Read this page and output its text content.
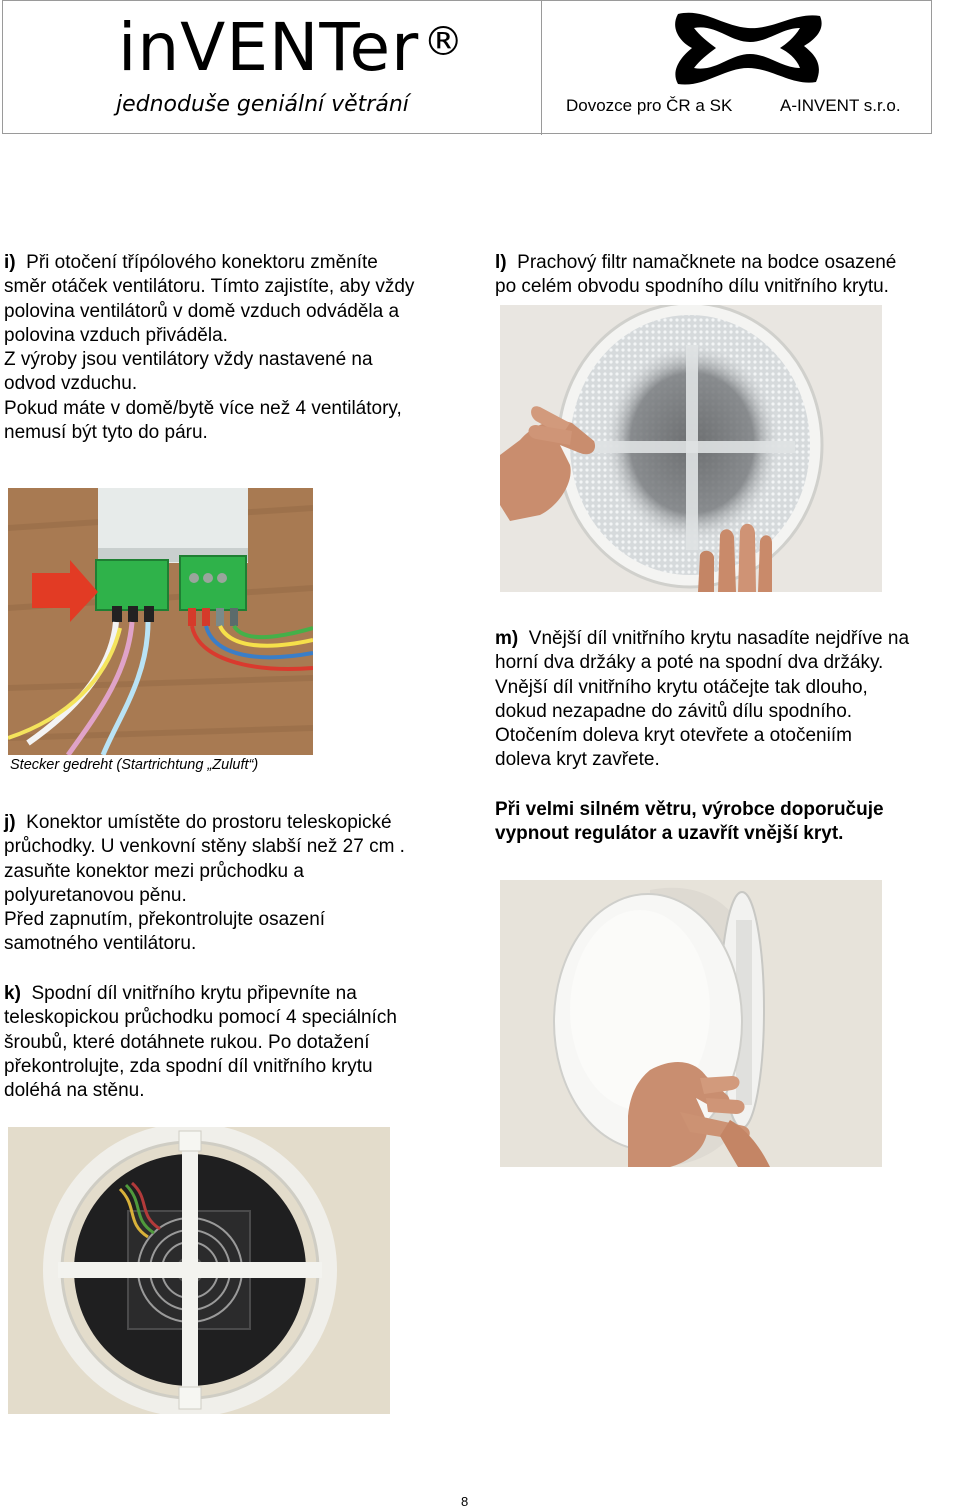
inVENTer ®
jednoduše geniální větrání	Dovozce pro ČR a SK	A-INVENT s.r.o.

i) Při otočení třípólového konektoru změníte

směr otáček ventilátoru. Tímto zajistíte, aby vždy

polovina ventilátorů v domě vzduch odváděla a

polovina vzduch přiváděla.

Z výroby jsou ventilátory vždy nastavené na

odvod vzduchu.

Pokud máte v domě/bytě více než 4 ventilátory,

nemusí být tyto do páru.

l) Prachový filtr namačknete na bodce osazené

po celém obvodu spodního dílu vnitřního krytu.

Stecker gedreht (Startrichtung „Zuluft“)

m) Vnější díl vnitřního krytu nasadíte nejdříve na

horní dva držáky a poté na spodní dva držáky.

Vnější díl vnitřního krytu otáčejte tak dlouho,

dokud nezapadne do závitů dílu spodního.

Otočením doleva kryt otevřete a otočeniím

doleva kryt zavřete.

Při velmi silném větru, výrobce doporučuje

vypnout regulátor a uzavřít vnější kryt.

j) Konektor umístěte do prostoru teleskopické

průchodky. U venkovní stěny slabší než 27 cm .

zasuňte konektor mezi průchodku a

polyuretanovou pěnu.

Před zapnutím, překontrolujte osazení

samotného ventilátoru.

k) Spodní díl vnitřního krytu připevníte na

teleskopickou průchodku pomocí 4 speciálních

šroubů, které dotáhnete rukou. Po dotažení

překontrolujte, zda spodní díl vnitřního krytu

doléhá na stěnu.

8
